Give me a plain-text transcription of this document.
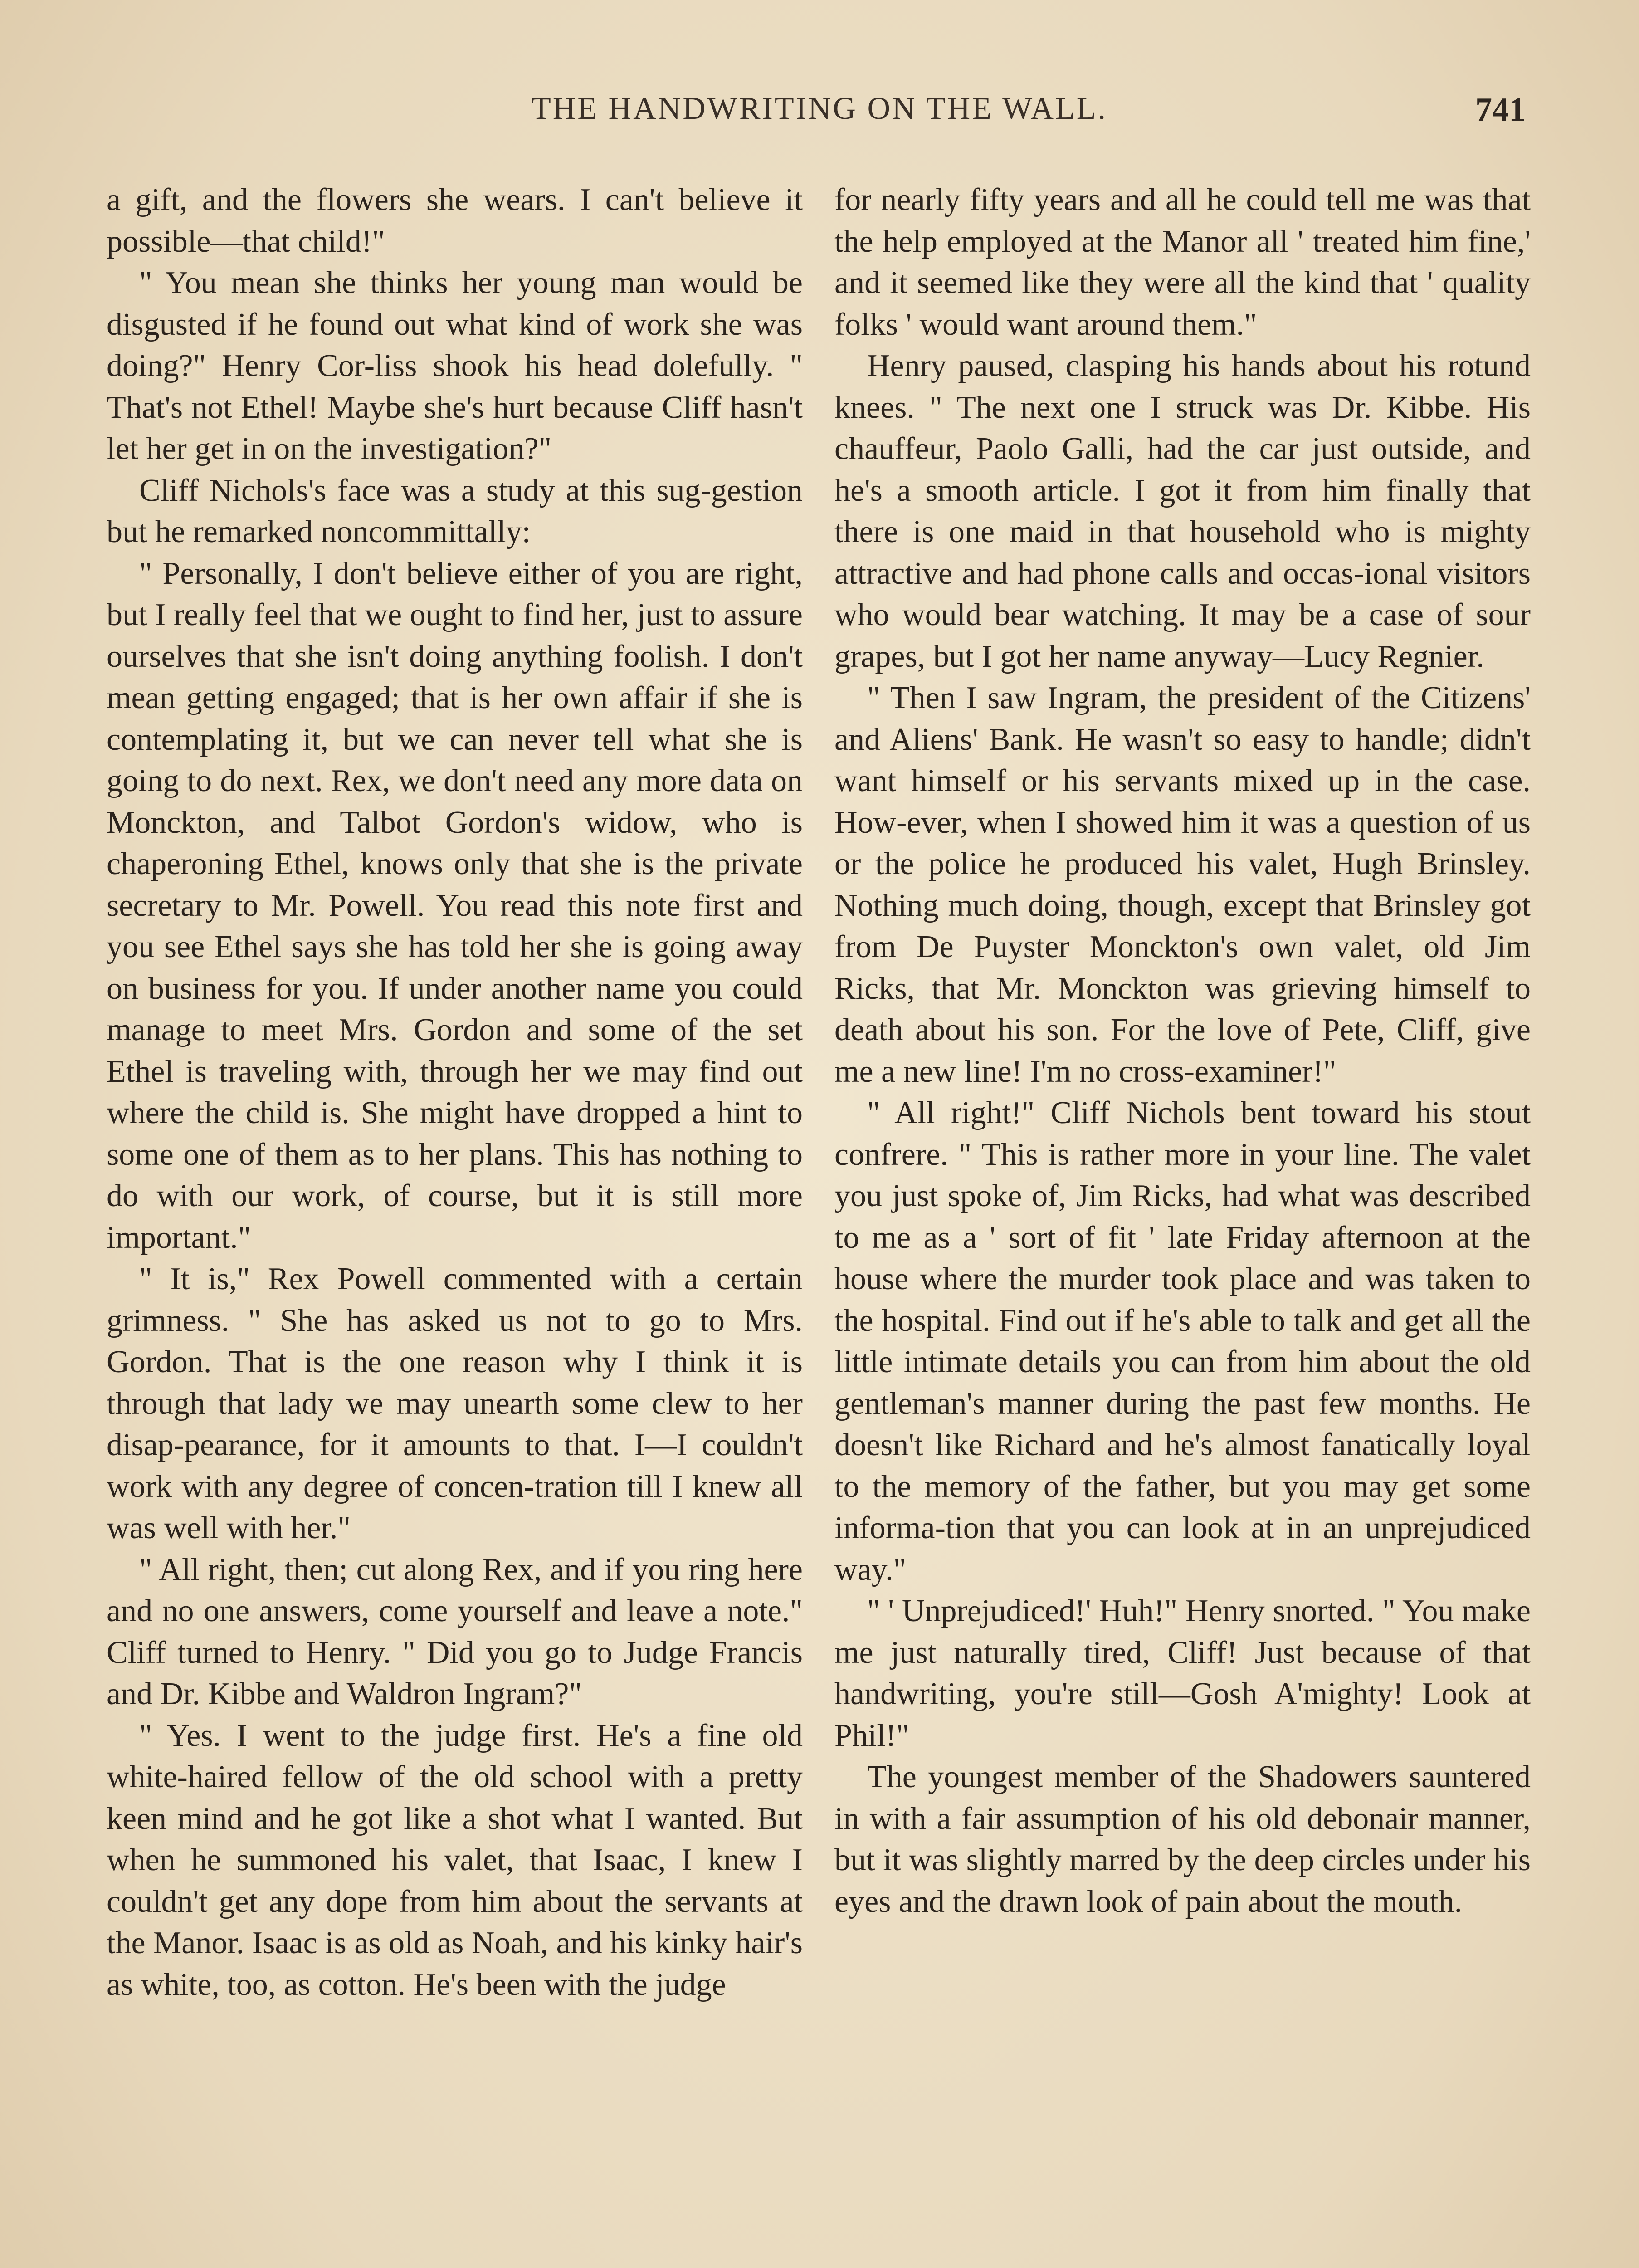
THE HANDWRITING ON THE WALL.	741

a gift, and the flowers she wears. I can't believe it possible—that child!"

" You mean she thinks her young man would be disgusted if he found out what kind of work she was doing?" Henry Cor-liss shook his head dolefully. " That's not Ethel! Maybe she's hurt because Cliff hasn't let her get in on the investigation?"

Cliff Nichols's face was a study at this sug-gestion but he remarked noncommittally:

" Personally, I don't believe either of you are right, but I really feel that we ought to find her, just to assure ourselves that she isn't doing anything foolish. I don't mean getting engaged; that is her own affair if she is contemplating it, but we can never tell what she is going to do next. Rex, we don't need any more data on Monckton, and Talbot Gordon's widow, who is chaperoning Ethel, knows only that she is the private secretary to Mr. Powell. You read this note first and you see Ethel says she has told her she is going away on business for you. If under another name you could manage to meet Mrs. Gordon and some of the set Ethel is traveling with, through her we may find out where the child is. She might have dropped a hint to some one of them as to her plans. This has nothing to do with our work, of course, but it is still more important."

" It is," Rex Powell commented with a certain grimness. " She has asked us not to go to Mrs. Gordon. That is the one reason why I think it is through that lady we may unearth some clew to her disap-pearance, for it amounts to that. I—I couldn't work with any degree of concen-tration till I knew all was well with her."

" All right, then; cut along Rex, and if you ring here and no one answers, come yourself and leave a note." Cliff turned to Henry. " Did you go to Judge Francis and Dr. Kibbe and Waldron Ingram?"

" Yes. I went to the judge first. He's a fine old white-haired fellow of the old school with a pretty keen mind and he got like a shot what I wanted. But when he summoned his valet, that Isaac, I knew I couldn't get any dope from him about the servants at the Manor. Isaac is as old as Noah, and his kinky hair's as white, too, as cotton. He's been with the judge

for nearly fifty years and all he could tell me was that the help employed at the Manor all ' treated him fine,' and it seemed like they were all the kind that ' quality folks ' would want around them."

Henry paused, clasping his hands about his rotund knees. " The next one I struck was Dr. Kibbe. His chauffeur, Paolo Galli, had the car just outside, and he's a smooth article. I got it from him finally that there is one maid in that household who is mighty attractive and had phone calls and occas-ional visitors who would bear watching. It may be a case of sour grapes, but I got her name anyway—Lucy Regnier.

" Then I saw Ingram, the president of the Citizens' and Aliens' Bank. He wasn't so easy to handle; didn't want himself or his servants mixed up in the case. How-ever, when I showed him it was a question of us or the police he produced his valet, Hugh Brinsley. Nothing much doing, though, except that Brinsley got from De Puyster Monckton's own valet, old Jim Ricks, that Mr. Monckton was grieving himself to death about his son. For the love of Pete, Cliff, give me a new line! I'm no cross-examiner!"

" All right!" Cliff Nichols bent toward his stout confrere. " This is rather more in your line. The valet you just spoke of, Jim Ricks, had what was described to me as a ' sort of fit ' late Friday afternoon at the house where the murder took place and was taken to the hospital. Find out if he's able to talk and get all the little intimate details you can from him about the old gentleman's manner during the past few months. He doesn't like Richard and he's almost fanatically loyal to the memory of the father, but you may get some informa-tion that you can look at in an unprejudiced way."

" ' Unprejudiced!' Huh!" Henry snorted. " You make me just naturally tired, Cliff! Just because of that handwriting, you're still—Gosh A'mighty! Look at Phil!"

The youngest member of the Shadowers sauntered in with a fair assumption of his old debonair manner, but it was slightly marred by the deep circles under his eyes and the drawn look of pain about the mouth.
